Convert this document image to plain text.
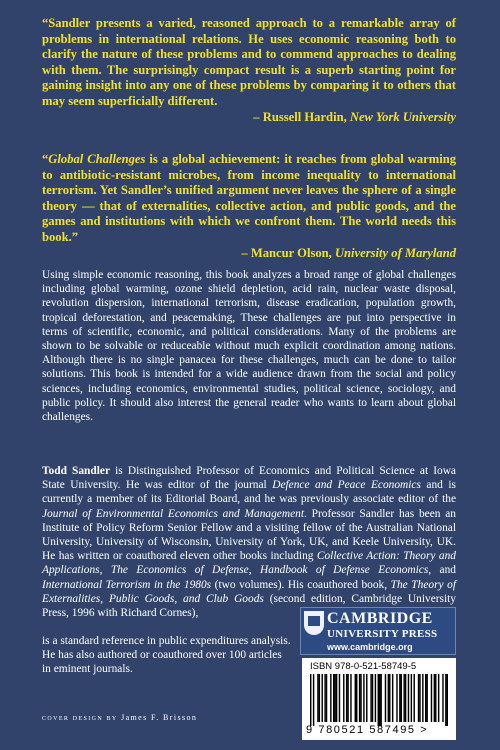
“Sandler presents a varied, reasoned approach to a remarkable array of problems in international relations. He uses economic reasoning both to clarify the nature of these problems and to commend approaches to dealing with them. The surprisingly compact result is a superb starting point for gaining insight into any one of these problems by comparing it to others that may seem superficially different.

– Russell Hardin, New York University

“Global Challenges is a global achievement: it reaches from global warming to antibiotic-resistant microbes, from income inequality to international terrorism. Yet Sandler’s unified argument never leaves the sphere of a single theory — that of externalities, collective action, and public goods, and the games and institutions with which we confront them. The world needs this book.”

– Mancur Olson, University of Maryland

Using simple economic reasoning, this book analyzes a broad range of global challenges including global warming, ozone shield depletion, acid rain, nuclear waste disposal, revolution dispersion, international terrorism, disease eradication, population growth, tropical deforestation, and peacemaking, These challenges are put into perspective in terms of scientific, economic, and political considerations. Many of the problems are shown to be solvable or reduceable without much explicit coordination among nations. Although there is no single panacea for these challenges, much can be done to tailor solutions. This book is intended for a wide audience drawn from the social and policy sciences, including economics, environmental studies, political science, sociology, and public policy. It should also interest the general reader who wants to learn about global challenges.

Todd Sandler is Distinguished Professor of Economics and Political Science at Iowa State University. He was editor of the journal Defence and Peace Economics and is currently a member of its Editorial Board, and he was previously associate editor of the Journal of Environmental Economics and Management. Professor Sandler has been an Institute of Policy Reform Senior Fellow and a visiting fellow of the Australian National University, University of Wisconsin, University of York, UK, and Keele University, UK. He has written or coauthored eleven other books including Collective Action: Theory and Applications, The Economics of Defense, Handbook of Defense Economics, and International Terrorism in the 1980s (two volumes). His coauthored book, The Theory of Externalities, Public Goods, and Club Goods (second edition, Cambridge University Press, 1996 with Richard Cornes),

is a standard reference in public expenditures analysis. He has also authored or coauthored over 100 articles in eminent journals.

CAMBRIDGE
UNIVERSITY PRESS
www.cambridge.org
ISBN 978-0-521-58749-5
9 780521 587495 >
cover design by James F. Brisson
